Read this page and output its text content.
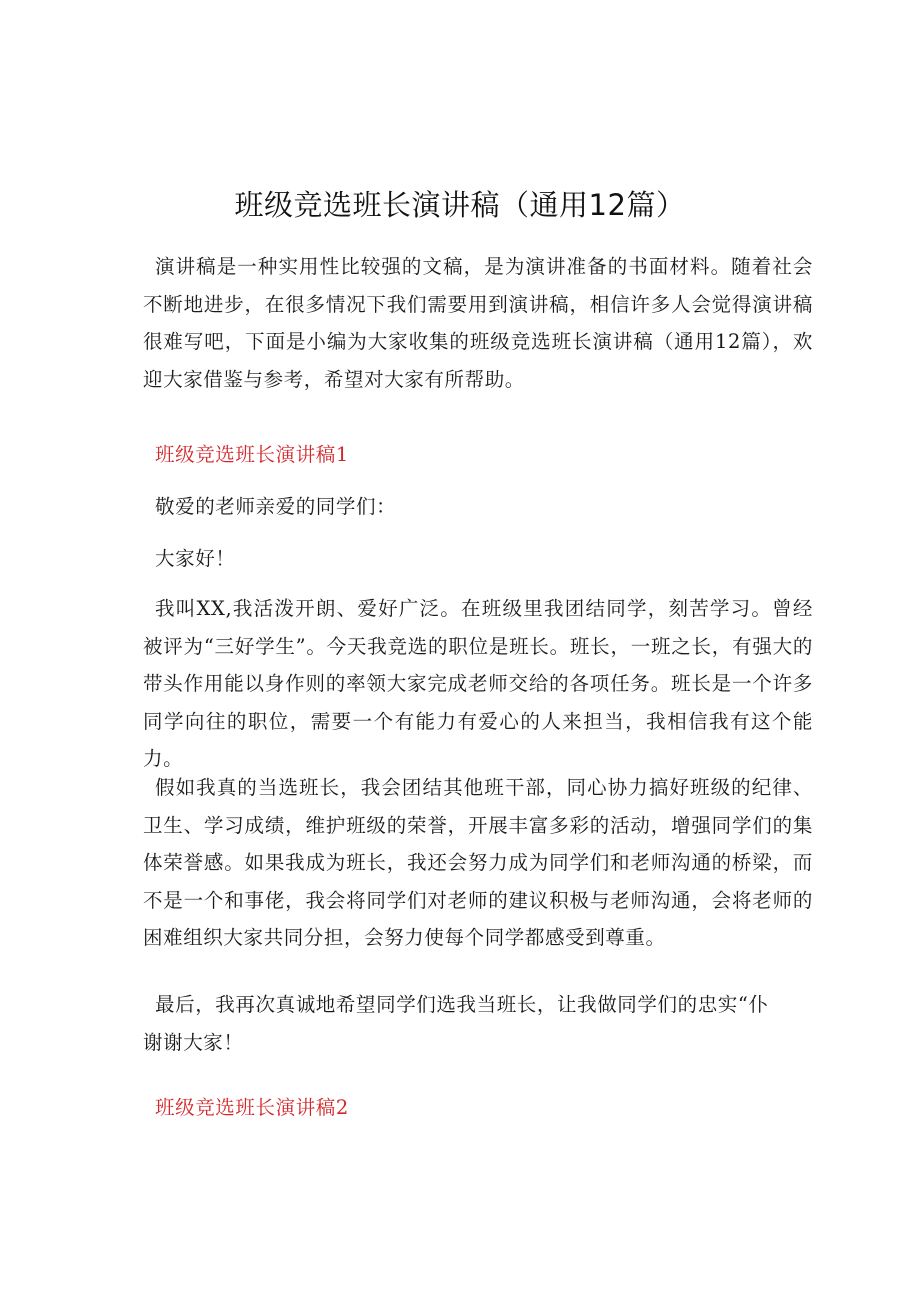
班级竞选班长演讲稿（通用12篇）

演讲稿是一种实用性比较强的文稿，是为演讲准备的书面材料。随着社会不断地进步，在很多情况下我们需要用到演讲稿，相信许多人会觉得演讲稿很难写吧，下面是小编为大家收集的班级竞选班长演讲稿（通用12篇），欢迎大家借鉴与参考，希望对大家有所帮助。

班级竞选班长演讲稿1

敬爱的老师亲爱的同学们：

大家好！

我叫XX,我活泼开朗、爱好广泛。在班级里我团结同学，刻苦学习。曾经被评为“三好学生”。今天我竞选的职位是班长。班长，一班之长，有强大的带头作用能以身作则的率领大家完成老师交给的各项任务。班长是一个许多同学向往的职位，需要一个有能力有爱心的人来担当，我相信我有这个能力。

假如我真的当选班长，我会团结其他班干部，同心协力搞好班级的纪律、卫生、学习成绩，维护班级的荣誉，开展丰富多彩的活动，增强同学们的集体荣誉感。如果我成为班长，我还会努力成为同学们和老师沟通的桥梁，而不是一个和事佬，我会将同学们对老师的建议积极与老师沟通，会将老师的困难组织大家共同分担，会努力使每个同学都感受到尊重。

最后，我再次真诚地希望同学们选我当班长，让我做同学们的忠实“仆

谢谢大家！

班级竞选班长演讲稿2
